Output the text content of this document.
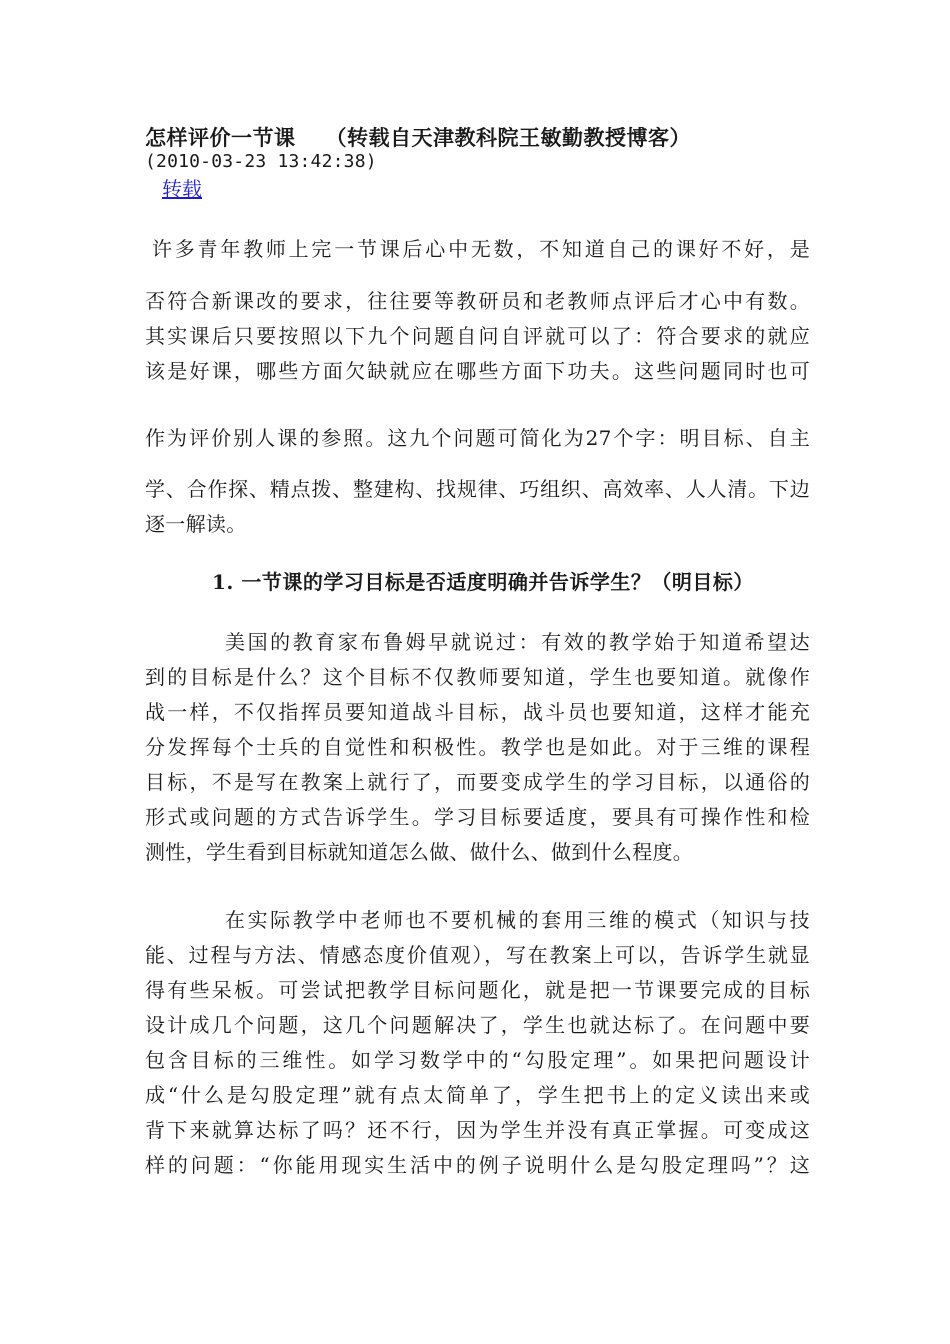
怎样评价一节课 （转载自天津教科院王敏勤教授博客）
(2010-03-23 13:42:38)
转载
许多青年教师上完一节课后心中无数，不知道自己的课好不好，是
否符合新课改的要求，往往要等教研员和老教师点评后才心中有数。
其实课后只要按照以下九个问题自问自评就可以了：符合要求的就应
该是好课，哪些方面欠缺就应在哪些方面下功夫。这些问题同时也可
作为评价别人课的参照。这九个问题可简化为27个字：明目标、自主
学、合作探、精点拨、整建构、找规律、巧组织、高效率、人人清。下边
逐一解读。
1. 一节课的学习目标是否适度明确并告诉学生？（明目标）
美国的教育家布鲁姆早就说过：有效的教学始于知道希望达
到的目标是什么？这个目标不仅教师要知道，学生也要知道。就像作
战一样，不仅指挥员要知道战斗目标，战斗员也要知道，这样才能充
分发挥每个士兵的自觉性和积极性。教学也是如此。对于三维的课程
目标，不是写在教案上就行了，而要变成学生的学习目标，以通俗的
形式或问题的方式告诉学生。学习目标要适度，要具有可操作性和检
测性，学生看到目标就知道怎么做、做什么、做到什么程度。
在实际教学中老师也不要机械的套用三维的模式（知识与技
能、过程与方法、情感态度价值观），写在教案上可以，告诉学生就显
得有些呆板。可尝试把教学目标问题化，就是把一节课要完成的目标
设计成几个问题，这几个问题解决了，学生也就达标了。在问题中要
包含目标的三维性。如学习数学中的“勾股定理”。如果把问题设计
成“什么是勾股定理”就有点太简单了，学生把书上的定义读出来或
背下来就算达标了吗？还不行，因为学生并没有真正掌握。可变成这
样的问题：“你能用现实生活中的例子说明什么是勾股定理吗”？这
